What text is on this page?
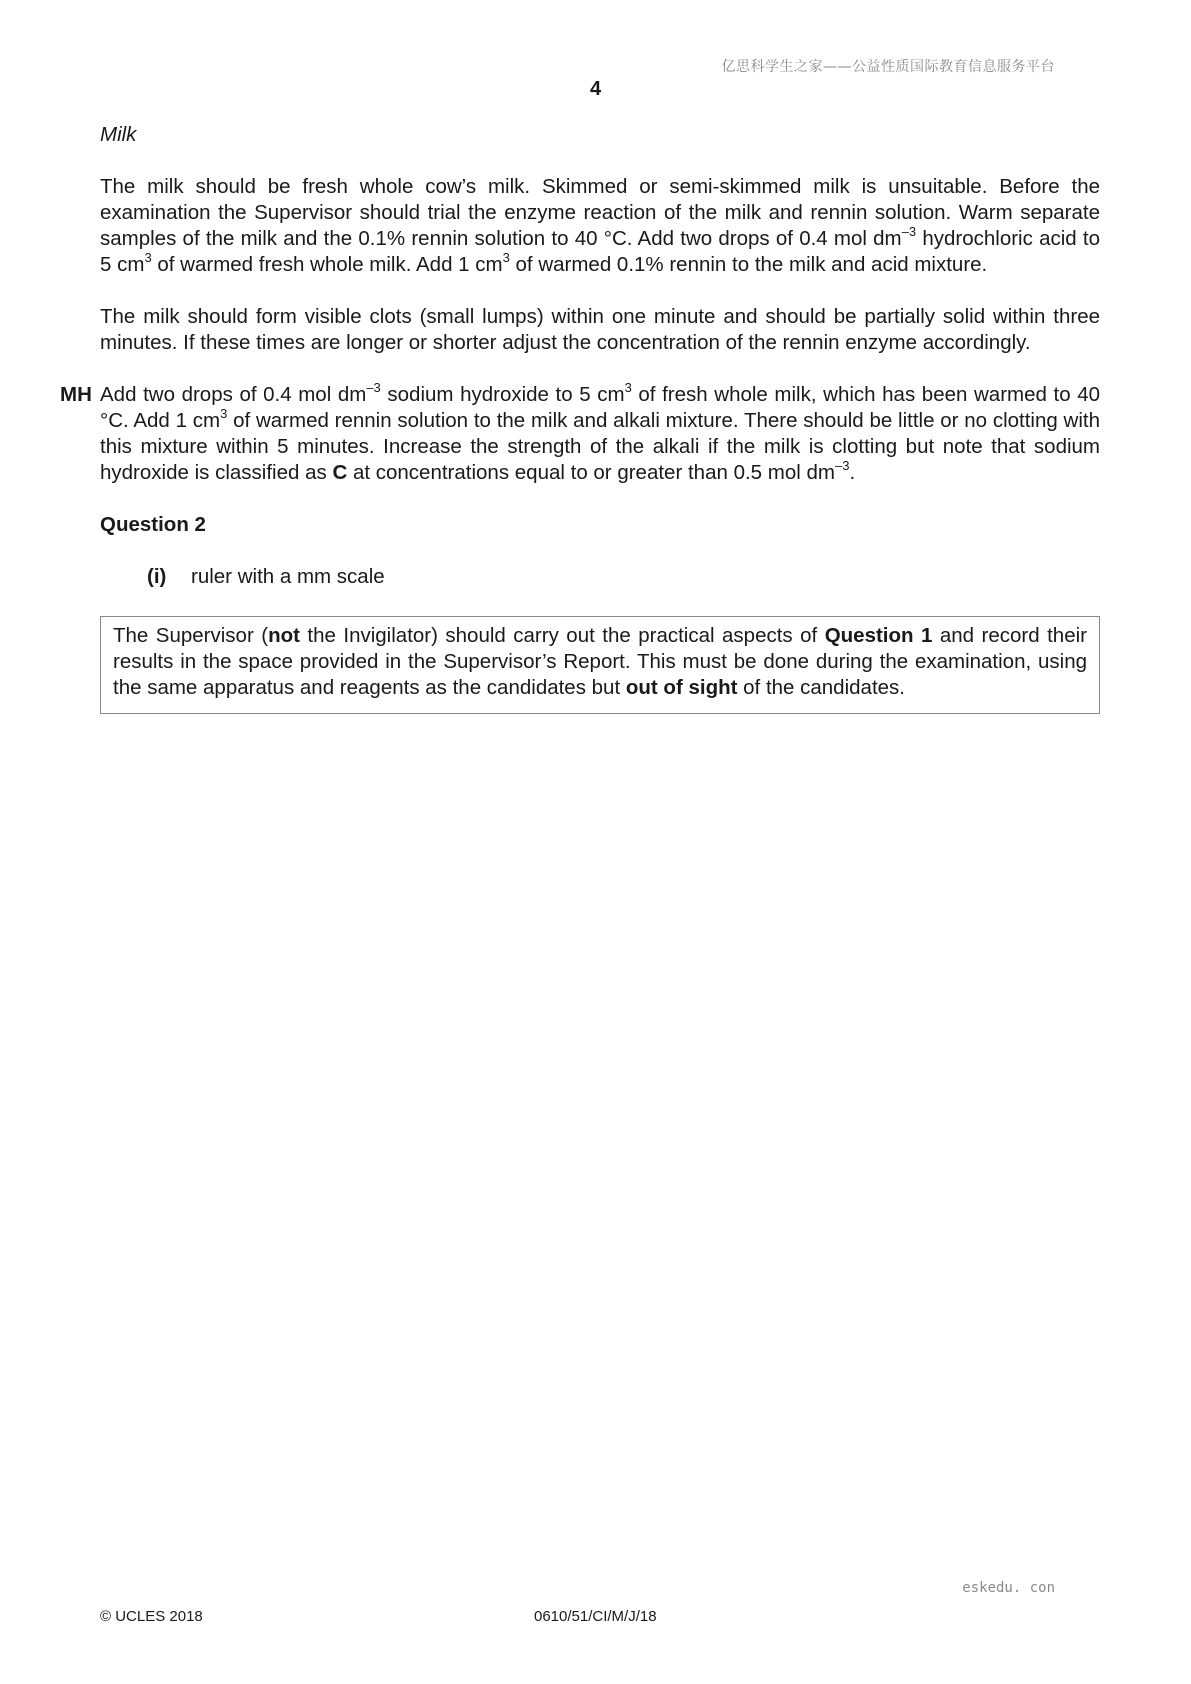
亿思科学生之家——公益性质国际教育信息服务平台
4
Milk

The milk should be fresh whole cow’s milk. Skimmed or semi-skimmed milk is unsuitable. Before the examination the Supervisor should trial the enzyme reaction of the milk and rennin solution. Warm separate samples of the milk and the 0.1% rennin solution to 40 °C. Add two drops of 0.4 mol $dm^{-3}$ hydrochloric acid to 5 $cm^3$ of warmed fresh whole milk. Add 1 $cm^3$ of warmed 0.1% rennin to the milk and acid mixture.

The milk should form visible clots (small lumps) within one minute and should be partially solid within three minutes. If these times are longer or shorter adjust the concentration of the rennin enzyme accordingly.

MH Add two drops of 0.4 mol $dm^{-3}$ sodium hydroxide to 5 $cm^3$ of fresh whole milk, which has been warmed to 40 °C. Add 1 $cm^3$ of warmed rennin solution to the milk and alkali mixture. There should be little or no clotting with this mixture within 5 minutes. Increase the strength of the alkali if the milk is clotting but note that sodium hydroxide is classified as C at concentrations equal to or greater than 0.5 mol $dm^{-3}$.

Question 2
(i) ruler with a mm scale

The Supervisor (not the Invigilator) should carry out the practical aspects of Question 1 and record their results in the space provided in the Supervisor’s Report. This must be done during the examination, using the same apparatus and reagents as the candidates but out of sight of the candidates.

eskedu. con
© UCLES 2018	0610/51/CI/M/J/18
